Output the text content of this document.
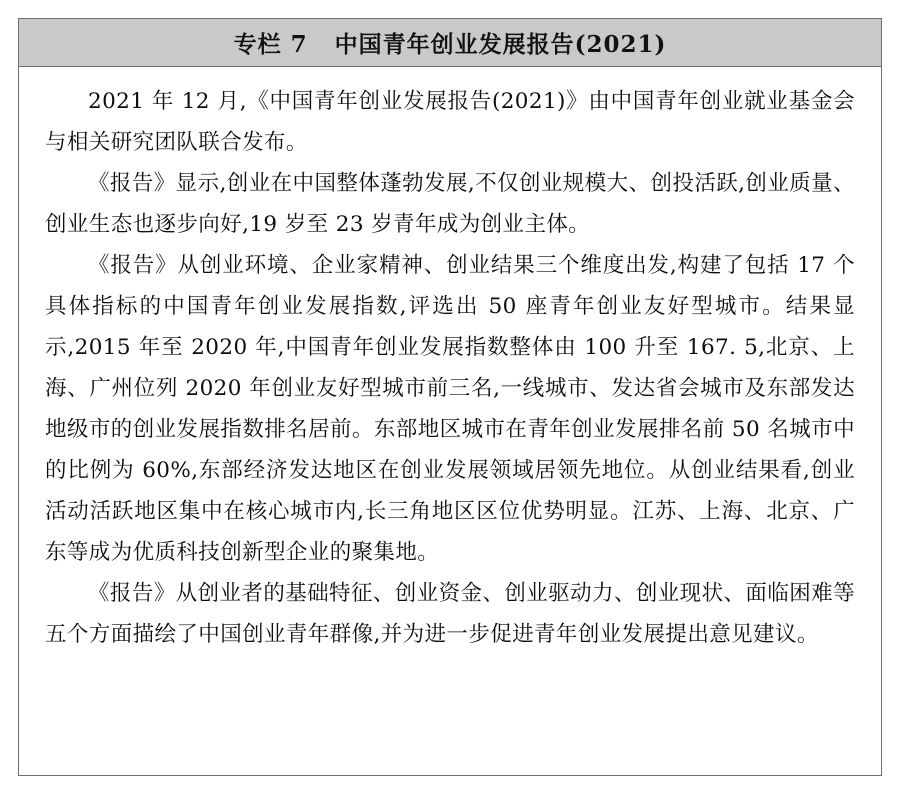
专栏 7   中国青年创业发展报告(2021)

2021 年 12 月,《中国青年创业发展报告(2021)》由中国青年创业就业基金会与相关研究团队联合发布。

《报告》显示,创业在中国整体蓬勃发展,不仅创业规模大、创投活跃,创业质量、创业生态也逐步向好,19 岁至 23 岁青年成为创业主体。

《报告》从创业环境、企业家精神、创业结果三个维度出发,构建了包括 17 个具体指标的中国青年创业发展指数,评选出 50 座青年创业友好型城市。结果显示,2015 年至 2020 年,中国青年创业发展指数整体由 100 升至 167. 5,北京、上海、广州位列 2020 年创业友好型城市前三名,一线城市、发达省会城市及东部发达地级市的创业发展指数排名居前。东部地区城市在青年创业发展排名前 50 名城市中的比例为 60%,东部经济发达地区在创业发展领域居领先地位。从创业结果看,创业活动活跃地区集中在核心城市内,长三角地区区位优势明显。江苏、上海、北京、广东等成为优质科技创新型企业的聚集地。

《报告》从创业者的基础特征、创业资金、创业驱动力、创业现状、面临困难等五个方面描绘了中国创业青年群像,并为进一步促进青年创业发展提出意见建议。
